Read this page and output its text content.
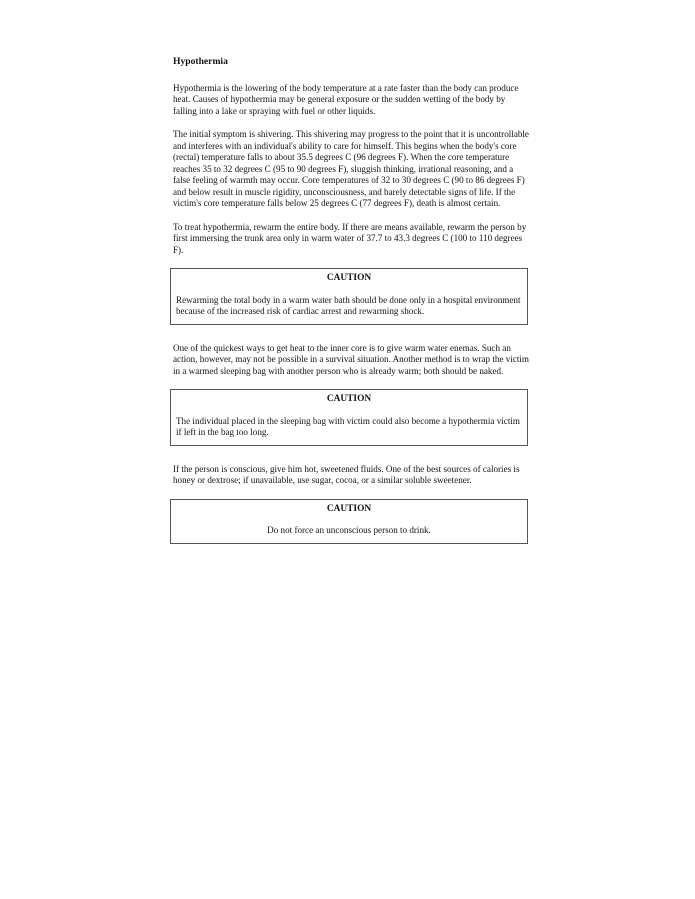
Hypothermia

Hypothermia is the lowering of the body temperature at a rate faster than the body can produce heat. Causes of hypothermia may be general exposure or the sudden wetting of the body by falling into a lake or spraying with fuel or other liquids.

The initial symptom is shivering. This shivering may progress to the point that it is uncontrollable and interferes with an individual's ability to care for himself. This begins when the body's core (rectal) temperature falls to about 35.5 degrees C (96 degrees F). When the core temperature reaches 35 to 32 degrees C (95 to 90 degrees F), sluggish thinking, irrational reasoning, and a false feeling of warmth may occur. Core temperatures of 32 to 30 degrees C (90 to 86 degrees F) and below result in muscle rigidity, unconsciousness, and barely detectable signs of life. If the victim's core temperature falls below 25 degrees C (77 degrees F), death is almost certain.

To treat hypothermia, rewarm the entire body. If there are means available, rewarm the person by first immersing the trunk area only in warm water of 37.7 to 43.3 degrees C (100 to 110 degrees F).

CAUTION
Rewarming the total body in a warm water bath should be done only in a hospital environment because of the increased risk of cardiac arrest and rewarming shock.

One of the quickest ways to get heat to the inner core is to give warm water enemas. Such an action, however, may not be possible in a survival situation. Another method is to wrap the victim in a warmed sleeping bag with another person who is already warm; both should be naked.

CAUTION
The individual placed in the sleeping bag with victim could also become a hypothermia victim if left in the bag too long.

If the person is conscious, give him hot, sweetened fluids. One of the best sources of calories is honey or dextrose; if unavailable, use sugar, cocoa, or a similar soluble sweetener.

CAUTION
Do not force an unconscious person to drink.
